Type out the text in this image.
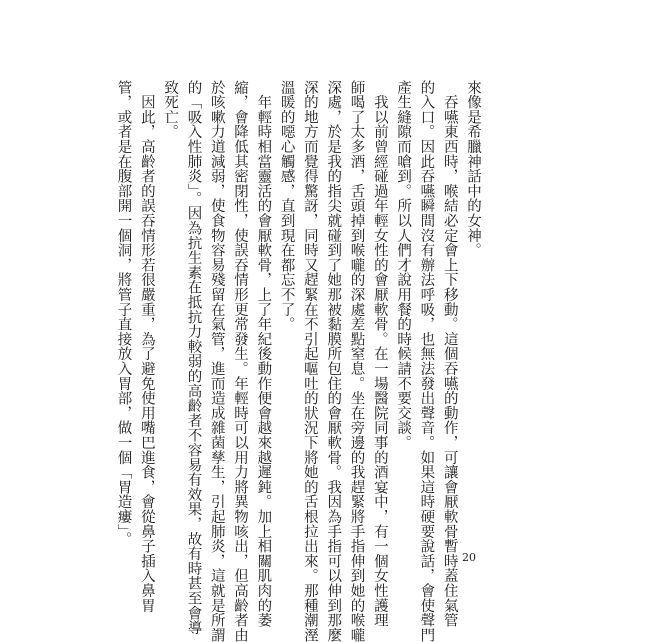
來像是希臘神話中的女神。
　吞嚥東西時，喉結必定會上下移動。這個吞嚥的動作，可讓會厭軟骨暫時蓋住氣管
的入口。因此吞嚥瞬間沒有辦法呼吸，也無法發出聲音。如果這時硬要說話，會使聲門
產生縫隙而嗆到。所以人們才說用餐的時候請不要交談。
　我以前曾經碰過年輕女性的會厭軟骨。在一場醫院同事的酒宴中，有一個女性護理
師喝了太多酒，舌頭掉到喉嚨的深處差點窒息。坐在旁邊的我趕緊將手指伸到她的喉嚨
深處，於是我的指尖就碰到了她那被黏膜所包住的會厭軟骨。我因為手指可以伸到那麼
深的地方而覺得驚訝，同時又趕緊在不引起嘔吐的狀況下將她的舌根拉出來。那種潮溼
溫暖的噁心觸感，直到現在都忘不了。
　年輕時相當靈活的會厭軟骨，上了年紀後動作便會越來越遲鈍。加上相關肌肉的萎
縮，會降低其密閉性，使誤吞情形更常發生。年輕時可以用力將異物咳出，但高齡者由
於咳嗽力道減弱，使食物容易殘留在氣管，進而造成雜菌孳生，引起肺炎，這就是所謂
的「吸入性肺炎」。因為抗生素在抵抗力較弱的高齡者不容易有效果，故有時甚至會導
致死亡。
　因此，高齡者的誤吞情形若很嚴重，為了避免使用嘴巴進食，會從鼻子插入鼻胃
管，或者是在腹部開一個洞，將管子直接放入胃部，做一個「胃造瘻」。
20
